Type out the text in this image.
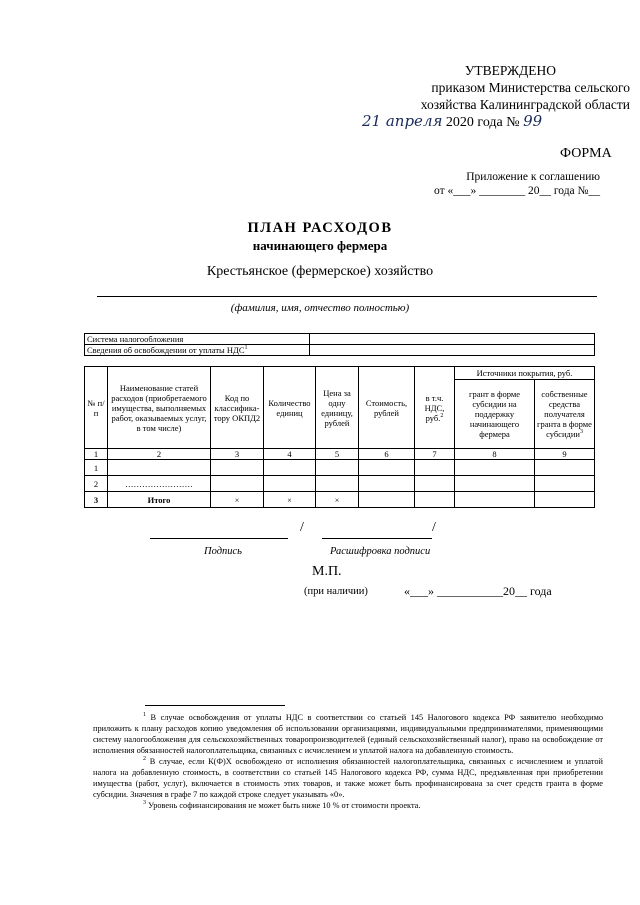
УТВЕРЖДЕНО
приказом Министерства сельского
хозяйства Калининградской области
21 апреля 2020 года № 99
ФОРМА
Приложение к соглашению
от «___» ________ 20__ года №__
ПЛАН РАСХОДОВ
начинающего фермера
Крестьянское (фермерское) хозяйство
(фамилия, имя, отчество полностью)
Система налогообложения	
Сведения об освобождении от уплаты НДС$^1$	
№ п/п	Наименование статей расходов (приобретаемого имущества, выполняемых работ, оказываемых услуг, в том числе)	Код по классифика-тору ОКПД2	Количество единиц	Цена за одну единицу, рублей	Стоимость, рублей	в т.ч. НДС, руб.$^2$	Источники покрытия, руб.	
							грант в форме субсидии на поддержку начинающего фермера	собственные средства получателя гранта в форме субсидии$^3$
1	2	3	4	5	6	7	8	9
1								
2	……………………							
3	Итого	×	×	×				
/	/
Подпись	Расшифровка подписи
М.П.
(при наличии)	«___» ___________20__ года

$^1$ В случае освобождения от уплаты НДС в соответствии со статьей 145 Налогового кодекса РФ заявителю необходимо приложить к плану расходов копию уведомления об использовании организациями, индивидуальными предпринимателями, применяющими систему налогообложения для сельскохозяйственных товаропроизводителей (единый сельскохозяйственный налог), право на освобождение от исполнения обязанностей налогоплательщика, связанных с исчислением и уплатой налога на добавленную стоимость.

$^2$ В случае, если К(Ф)Х освобождено от исполнения обязанностей налогоплательщика, связанных с исчислением и уплатой налога на добавленную стоимость, в соответствии со статьей 145 Налогового кодекса РФ, сумма НДС, предъявленная при приобретении имущества (работ, услуг), включается в стоимость этих товаров, и также может быть профинансирована за счет средств гранта в форме субсидии. Значения в графе 7 по каждой строке следует указывать «0».

$^3$ Уровень софинансирования не может быть ниже 10 % от стоимости проекта.
